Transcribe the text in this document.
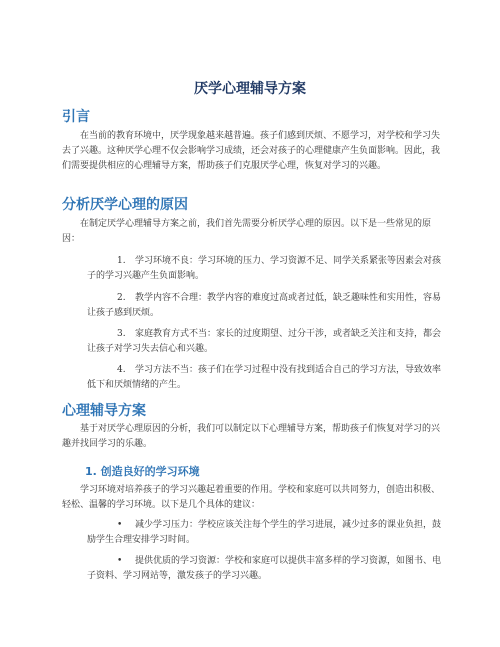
厌学心理辅导方案
引言

在当前的教育环境中，厌学现象越来越普遍。孩子们感到厌烦、不愿学习，对学校和学习失去了兴趣。这种厌学心理不仅会影响学习成绩，还会对孩子的心理健康产生负面影响。因此，我们需要提供相应的心理辅导方案，帮助孩子们克服厌学心理，恢复对学习的兴趣。

分析厌学心理的原因

在制定厌学心理辅导方案之前，我们首先需要分析厌学心理的原因。以下是一些常见的原因：

1. 学习环境不良：学习环境的压力、学习资源不足、同学关系紧张等因素会对孩子的学习兴趣产生负面影响。

2. 教学内容不合理：教学内容的难度过高或者过低，缺乏趣味性和实用性，容易让孩子感到厌烦。

3. 家庭教育方式不当：家长的过度期望、过分干涉，或者缺乏关注和支持，都会让孩子对学习失去信心和兴趣。

4. 学习方法不当：孩子们在学习过程中没有找到适合自己的学习方法，导致效率低下和厌烦情绪的产生。

心理辅导方案

基于对厌学心理原因的分析，我们可以制定以下心理辅导方案，帮助孩子们恢复对学习的兴趣并找回学习的乐趣。

1. 创造良好的学习环境

学习环境对培养孩子的学习兴趣起着重要的作用。学校和家庭可以共同努力，创造出积极、轻松、温馨的学习环境。以下是几个具体的建议：

• 减少学习压力：学校应该关注每个学生的学习进展，减少过多的课业负担，鼓励学生合理安排学习时间。

• 提供优质的学习资源：学校和家庭可以提供丰富多样的学习资源，如图书、电子资料、学习网站等，激发孩子的学习兴趣。
